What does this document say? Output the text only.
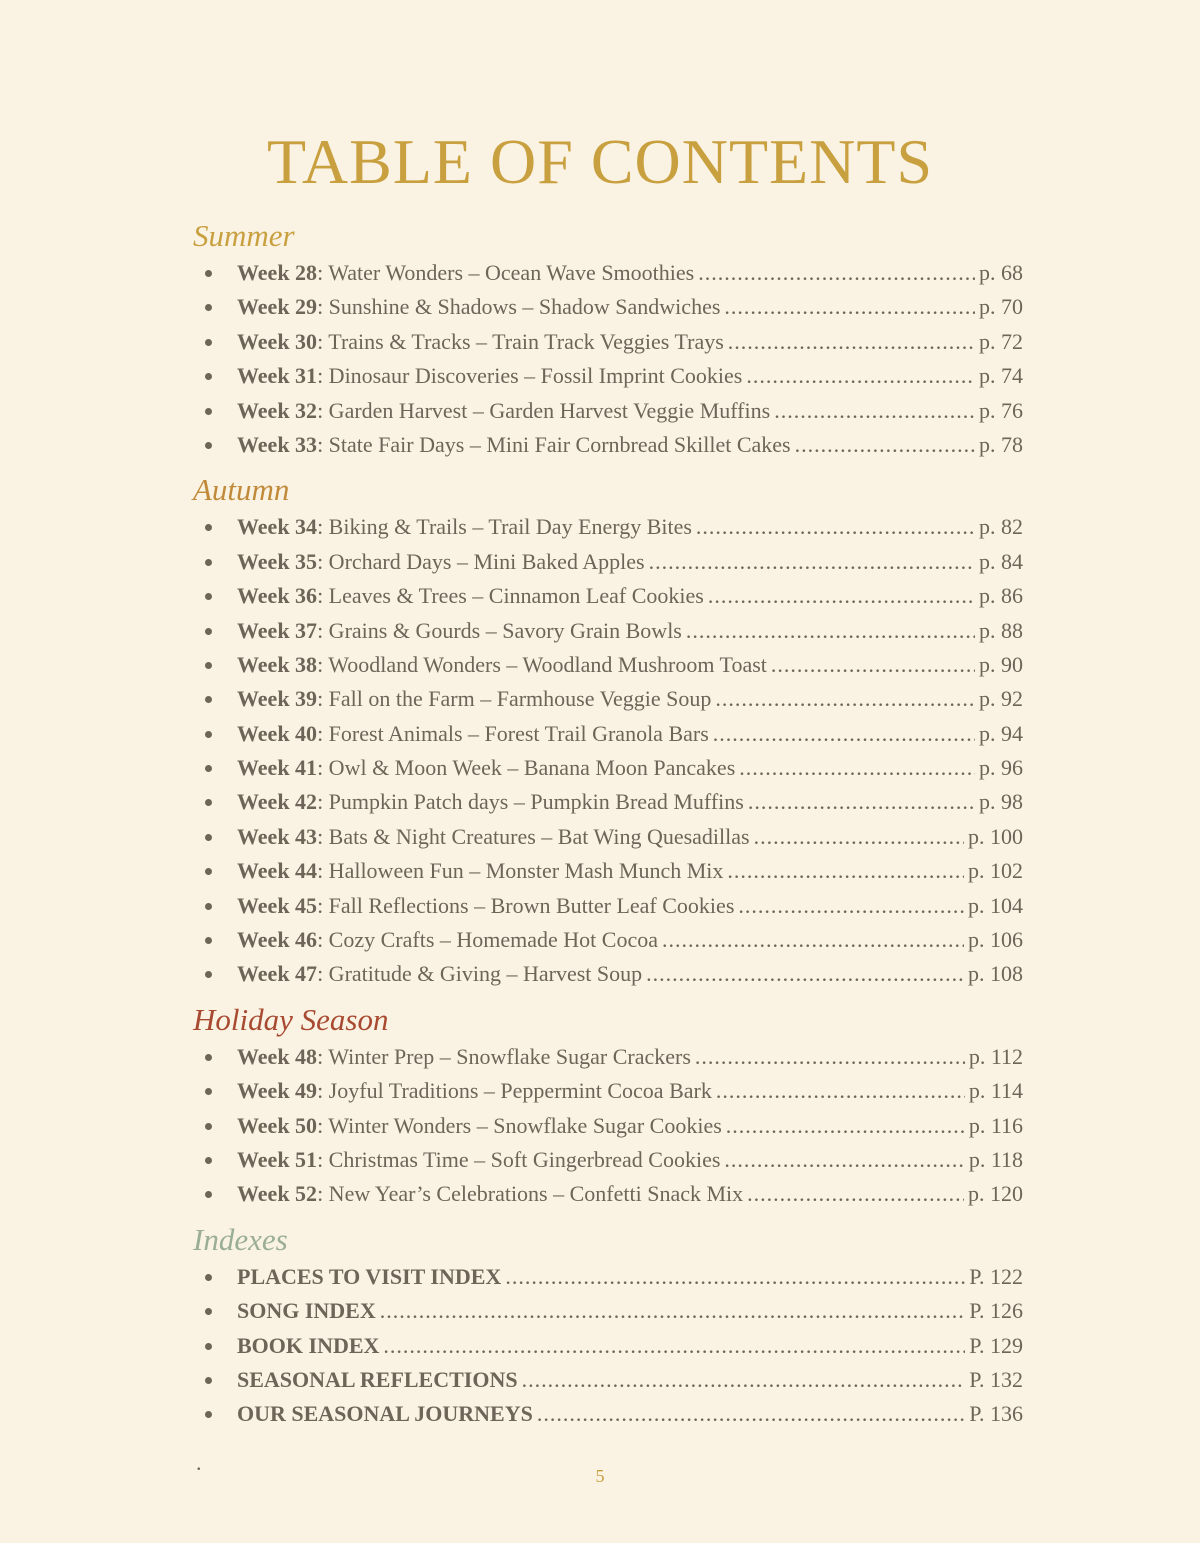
TABLE OF CONTENTS
Summer
Week 28 : Water Wonders – Ocean Wave Smoothies .....	p. 68
Week 29 : Sunshine & Shadows – Shadow Sandwiches .....	p. 70
Week 30 : Trains & Tracks – Train Track Veggies Trays .....	p. 72
Week 31 : Dinosaur Discoveries – Fossil Imprint Cookies .....	p. 74
Week 32 : Garden Harvest – Garden Harvest Veggie Muffins .....	p. 76
Week 33 : State Fair Days – Mini Fair Cornbread Skillet Cakes .....	p. 78
Autumn
Week 34 : Biking & Trails – Trail Day Energy Bites .....	p. 82
Week 35 : Orchard Days – Mini Baked Apples .....	p. 84
Week 36 : Leaves & Trees – Cinnamon Leaf Cookies .....	p. 86
Week 37 : Grains & Gourds – Savory Grain Bowls .....	p. 88
Week 38 : Woodland Wonders – Woodland Mushroom Toast .....	p. 90
Week 39 : Fall on the Farm – Farmhouse Veggie Soup .....	p. 92
Week 40 : Forest Animals – Forest Trail Granola Bars .....	p. 94
Week 41 : Owl & Moon Week – Banana Moon Pancakes .....	p. 96
Week 42 : Pumpkin Patch days – Pumpkin Bread Muffins .....	p. 98
Week 43 : Bats & Night Creatures – Bat Wing Quesadillas .....	p. 100
Week 44 : Halloween Fun – Monster Mash Munch Mix .....	p. 102
Week 45 : Fall Reflections – Brown Butter Leaf Cookies .....	p. 104
Week 46 : Cozy Crafts – Homemade Hot Cocoa .....	p. 106
Week 47 : Gratitude & Giving – Harvest Soup .....	p. 108
Holiday Season
Week 48 : Winter Prep – Snowflake Sugar Crackers .....	p. 112
Week 49 : Joyful Traditions – Peppermint Cocoa Bark .....	p. 114
Week 50 : Winter Wonders – Snowflake Sugar Cookies .....	p. 116
Week 51 : Christmas Time – Soft Gingerbread Cookies .....	p. 118
Week 52 : New Year’s Celebrations – Confetti Snack Mix .....	p. 120
Indexes
PLACES TO VISIT INDEX .....	P. 122
SONG INDEX .....	P. 126
BOOK INDEX .....	P. 129
SEASONAL REFLECTIONS .....	P. 132
OUR SEASONAL JOURNEYS .....	P. 136
.
5
